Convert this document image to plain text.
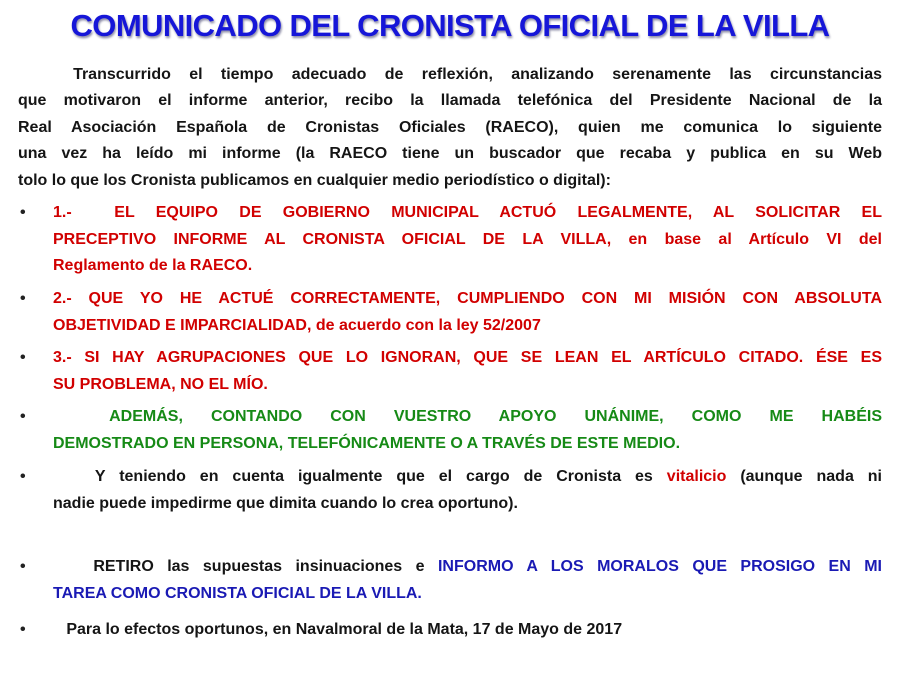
COMUNICADO DEL CRONISTA OFICIAL DE LA VILLA
Transcurrido el tiempo adecuado de reflexión, analizando serenamente las circunstancias
que motivaron el informe anterior, recibo la llamada telefónica del Presidente Nacional de la
Real Asociación Española de Cronistas Oficiales (RAECO), quien me comunica lo siguiente
una vez ha leído mi informe (la RAECO tiene un buscador que recaba y publica en su Web
tolo lo que los Cronista publicamos en cualquier medio periodístico o digital):
• 1.-  EL EQUIPO DE GOBIERNO MUNICIPAL ACTUÓ LEGALMENTE, AL SOLICITAR EL
PRECEPTIVO INFORME AL CRONISTA OFICIAL DE LA VILLA, en base al Artículo VI del
Reglamento de la RAECO.
• 2.- QUE YO HE ACTUÉ CORRECTAMENTE, CUMPLIENDO CON MI MISIÓN CON ABSOLUTA
OBJETIVIDAD E IMPARCIALIDAD, de acuerdo con la ley 52/2007
• 3.- SI HAY AGRUPACIONES QUE LO IGNORAN, QUE SE LEAN EL ARTÍCULO CITADO. ÉSE ES
SU PROBLEMA, NO EL MÍO.
• ADEMÁS, CONTANDO CON VUESTRO APOYO UNÁNIME, COMO ME HABÉIS
DEMOSTRADO EN PERSONA, TELEFÓNICAMENTE O A TRAVÉS DE ESTE MEDIO.
• Y teniendo en cuenta igualmente que el cargo de Cronista es vitalicio (aunque nada ni
nadie puede impedirme que dimita cuando lo crea oportuno).
• RETIRO las supuestas insinuaciones e INFORMO A LOS MORALOS QUE PROSIGO EN MI
TAREA COMO CRONISTA OFICIAL DE LA VILLA.
• Para lo efectos oportunos, en Navalmoral de la Mata, 17 de Mayo de 2017
